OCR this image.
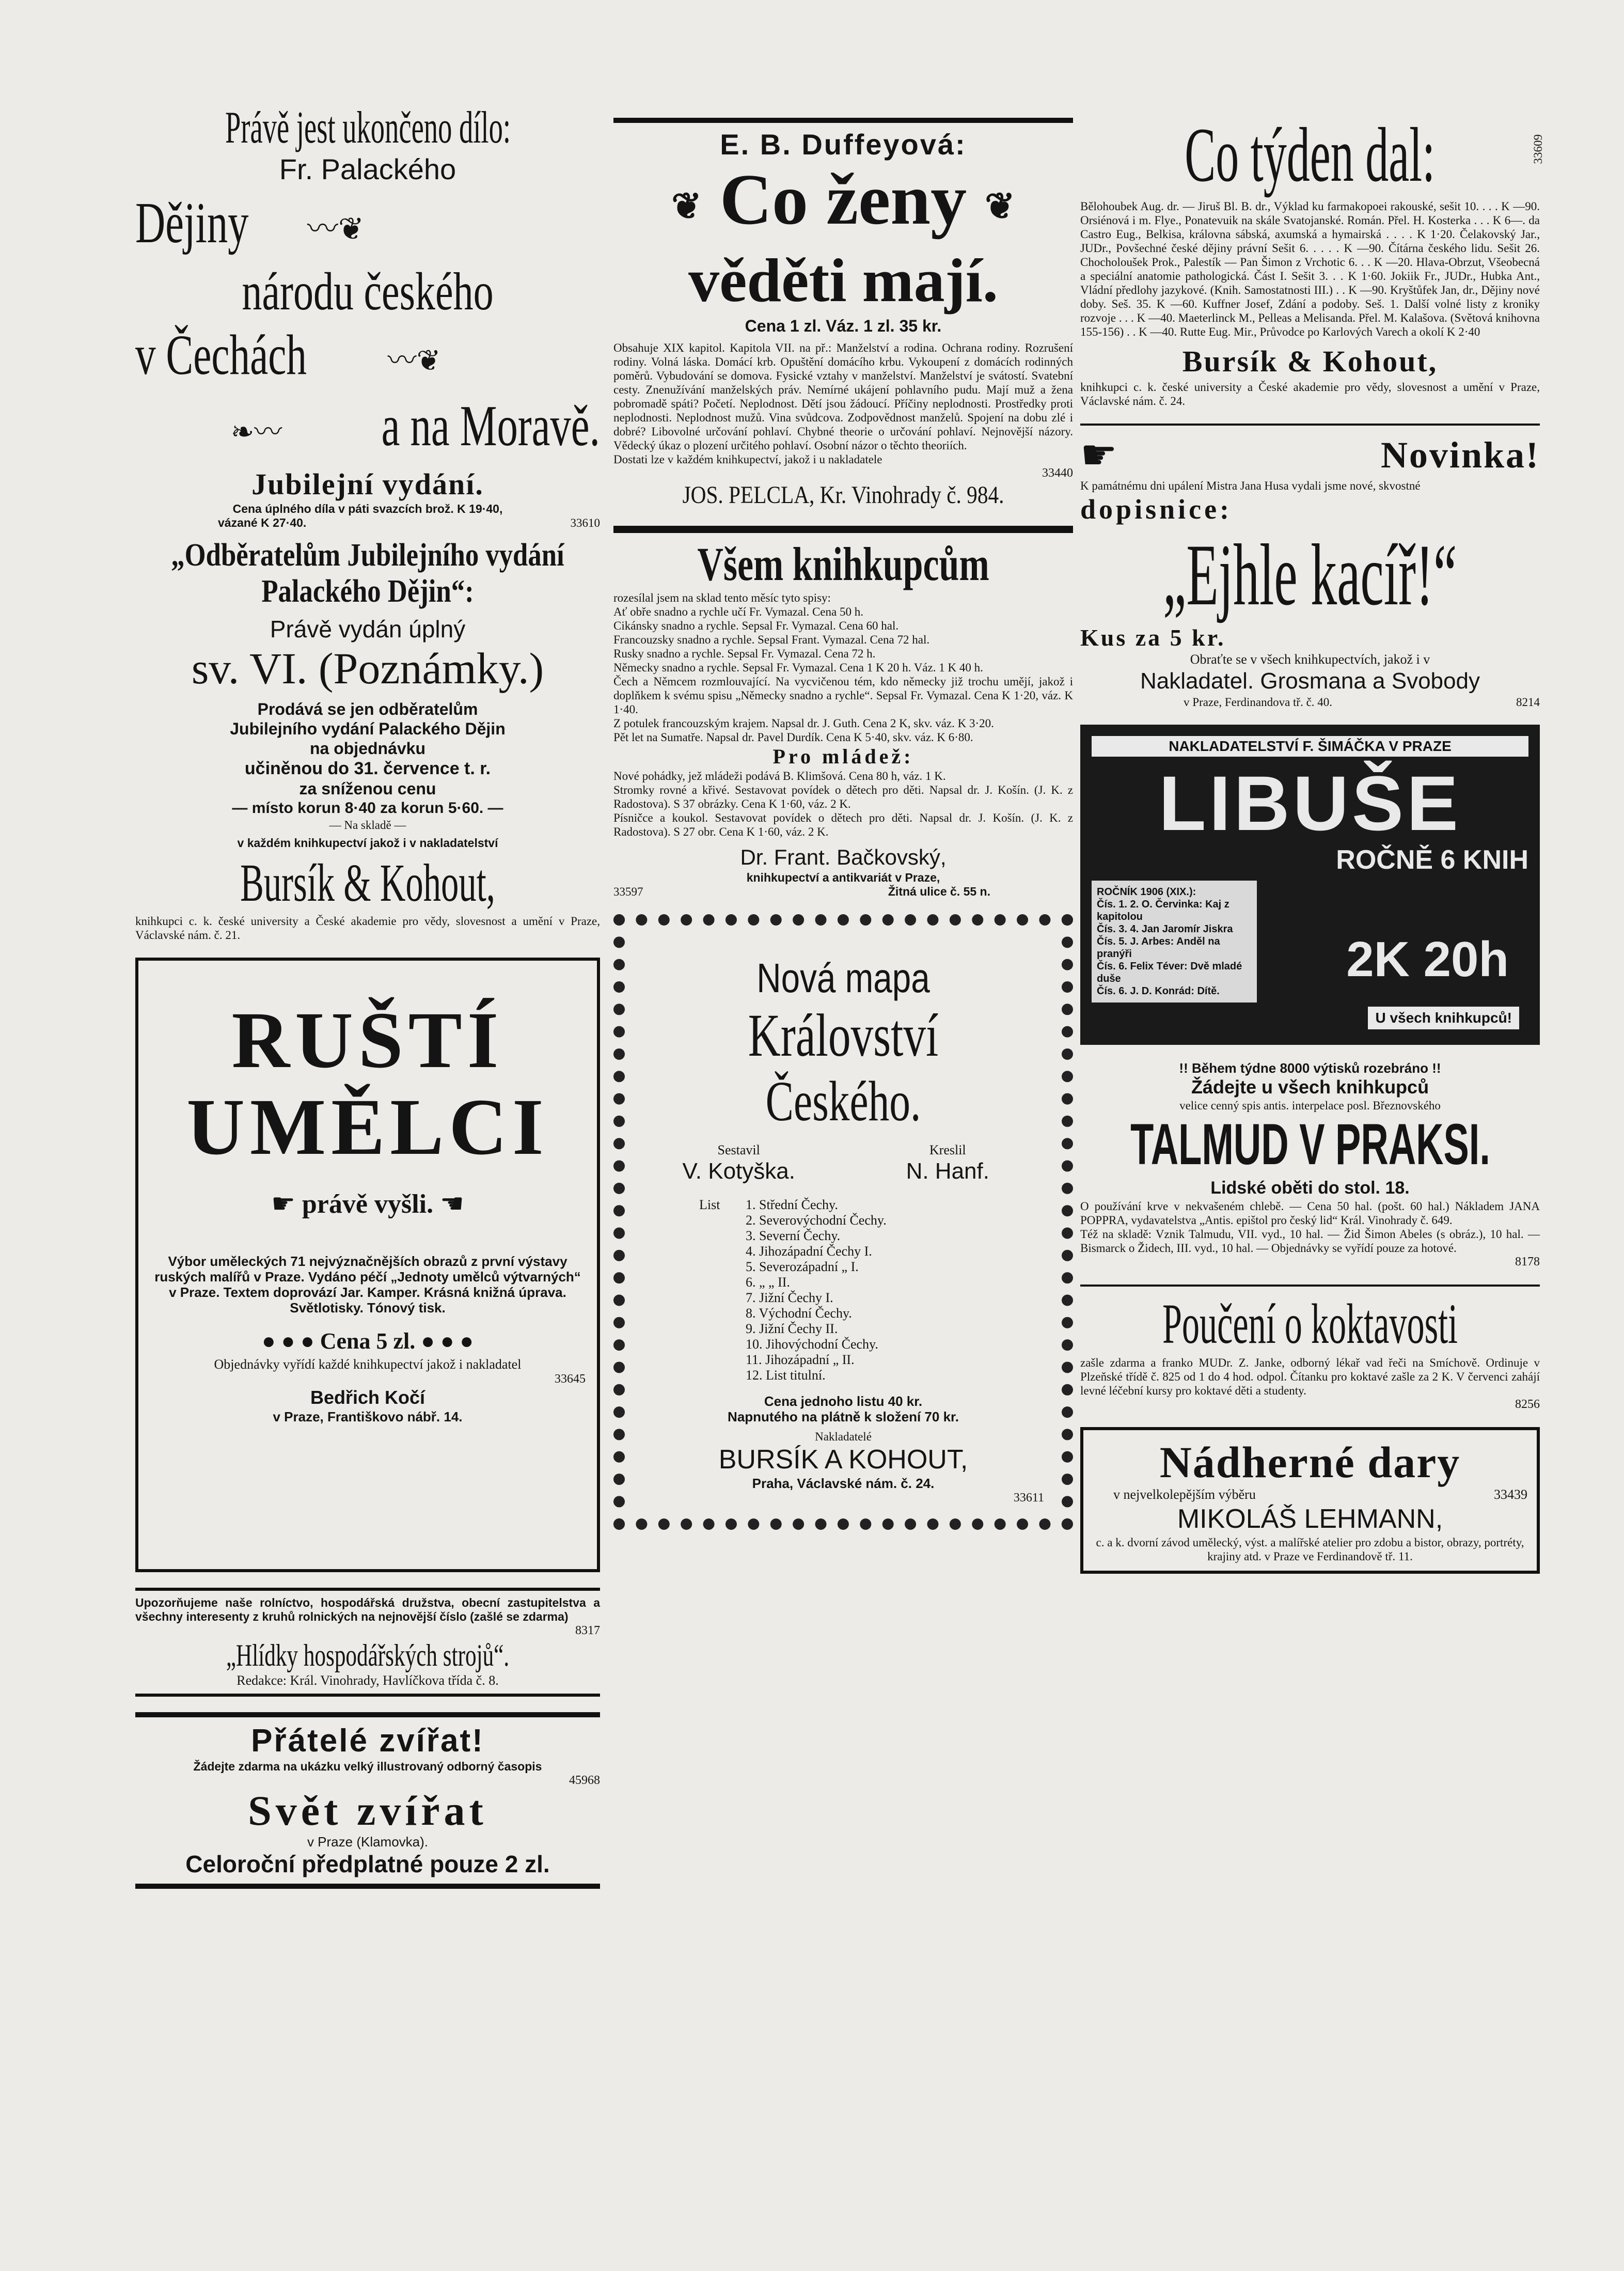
Právě jest ukončeno dílo:
Fr. Palackého
Dějiny 〰❦
národu českého
v Čechách	〰❦
❧〰 a na Moravě.
Jubilejní vydání.
Cena úplného díla v páti svazcích brož. K 19·40,
vázané K 27·40.	33610
„Odběratelům Jubilejního vydání Palackého Dějin“:
Právě vydán úplný
sv. VI. (Poznámky.)
Prodává se jen odběratelům
Jubilejního vydání Palackého Dějin
na objednávku
učiněnou do 31. července t. r.
za sníženou cenu
— místo korun 8·40 za korun 5·60. —
— Na skladě —
v každém knihkupectví jakož i v nakladatelství
Bursík & Kohout,
knihkupci c. k. české university a České akademie pro vědy, slovesnost a umění v Praze, Václavské nám. č. 21.
RUŠTÍ
UMĚLCI
☛ právě vyšli. ☚
Výbor uměleckých 71 nejvýznačnějších obrazů z první výstavy ruských malířů v Praze. Vydáno péčí „Jednoty umělců výtvarných“ v Praze. Textem doprovází Jar. Kamper. Krásná knižná úprava. Světlotisky. Tónový tisk.
● ● ● Cena 5 zl. ● ● ●
Objednávky vyřídí každé knihkupectví jakož i nakladatel
33645
Bedřich Kočí
v Praze, Františkovo nábř. 14.
Upozorňujeme naše rolníctvo, hospodářská družstva, obecní zastupitelstva a všechny interesenty z kruhů rolnických na nejnovější číslo (zašlé se zdarma)
8317
„Hlídky hospodářských strojů“.
Redakce: Král. Vinohrady, Havlíčkova třída č. 8.
Přátelé zvířat!
Žádejte zdarma na ukázku velký illustrovaný odborný časopis
45968
Svět zvířat
v Praze (Klamovka).
Celoroční předplatné pouze 2 zl.
E. B. Duffeyová:
❦ Co ženy ❦
věděti mají.
Cena 1 zl. Váz. 1 zl. 35 kr.
Obsahuje XIX kapitol. Kapitola VII. na př.: Manželství a rodina. Ochrana rodiny. Rozrušení rodiny. Volná láska. Domácí krb. Opuštění domácího krbu. Vykoupení z domácích rodinných poměrů. Vybudování se domova. Fysické vztahy v manželství. Manželství je svátostí. Svatební cesty. Znenužívání manželských práv. Nemírné ukájení pohlavního pudu. Mají muž a žena pobromadě spáti? Početí. Neplodnost. Dětí jsou žádoucí. Příčiny neplodnosti. Prostředky proti neplodnosti. Neplodnost mužů. Vina svůdcova. Zodpovědnost manželů. Spojení na dobu zlé i dobré? Libovolné určování pohlaví. Chybné theorie o určování pohlaví. Nejnovější názory. Vědecký úkaz o plození určitého pohlaví. Osobní názor o těchto theoriích.
Dostati lze v každém knihkupectví, jakož i u nakladatele
33440
JOS. PELCLA, Kr. Vinohrady č. 984.
Všem knihkupcům
rozesílal jsem na sklad tento měsíc tyto spisy:
Ať obře snadno a rychle učí Fr. Vymazal. Cena 50 h.
Cikánsky snadno a rychle. Sepsal Fr. Vymazal. Cena 60 hal.
Francouzsky snadno a rychle. Sepsal Frant. Vymazal. Cena 72 hal.
Rusky snadno a rychle. Sepsal Fr. Vymazal. Cena 72 h.
Německy snadno a rychle. Sepsal Fr. Vymazal. Cena 1 K 20 h. Váz. 1 K 40 h.
Čech a Němcem rozmlouvající. Na vycvičenou tém, kdo německy již trochu umějí, jakož i doplňkem k svému spisu „Německy snadno a rychle“. Sepsal Fr. Vymazal. Cena K 1·20, váz. K 1·40.
Z potulek francouzským krajem. Napsal dr. J. Guth. Cena 2 K, skv. váz. K 3·20.
Pět let na Sumatře. Napsal dr. Pavel Durdík. Cena K 5·40, skv. váz. K 6·80.
Pro mládež:
Nové pohádky, jež mládeži podává B. Klimšová. Cena 80 h, váz. 1 K.
Stromky rovné a křivé. Sestavovat povídek o dětech pro děti. Napsal dr. J. Košín. (J. K. z Radostova). S 37 obrázky. Cena K 1·60, váz. 2 K.
Písničce a koukol. Sestavovat povídek o dětech pro děti. Napsal dr. J. Košín. (J. K. z Radostova). S 27 obr. Cena K 1·60, váz. 2 K.
Dr. Frant. Bačkovský,
knihkupectví a antikvariát v Praze,
33597	Žitná ulice č. 55 n.
Nová mapa
Království
Českého.
Sestavil
V. Kotyška.
Kreslil
N. Hanf.
List	1. Střední Čechy.
2. Severovýchodní Čechy.
3. Severní Čechy.
4. Jihozápadní Čechy I.
5. Severozápadní „ I.
6. „ „ II.
7. Jižní Čechy I.
8. Východní Čechy.
9. Jižní Čechy II.
10. Jihovýchodní Čechy.
11. Jihozápadní „ II.
12. List titulní.
Cena jednoho listu 40 kr.
Napnutého na plátně k složení 70 kr.
Nakladatelé
BURSÍK A KOHOUT,
Praha, Václavské nám. č. 24.
33611
Co týden dal:	33609
Bělohoubek Aug. dr. — Jiruš Bl. B. dr., Výklad ku farmakopoei rakouské, sešit 10. . . . K —90. Orsiénová i m. Flye., Ponatevuik na skále Svatojanské. Román. Přel. H. Kosterka . . . K 6—. da Castro Eug., Belkisa, královna sábská, axumská a hymairská . . . . K 1·20. Čelakovský Jar., JUDr., Povšechné české dějiny právní Sešit 6. . . . . K —90. Čítárna českého lidu. Sešit 26. Chocholoušek Prok., Palestík — Pan Šimon z Vrchotic 6. . . K —20. Hlava-Obrzut, Všeobecná a speciální anatomie pathologická. Část I. Sešit 3. . . K 1·60. Jokiik Fr., JUDr., Hubka Ant., Vládní předlohy jazykové. (Knih. Samostatnosti III.) . . K —90. Kryštůfek Jan, dr., Dějiny nové doby. Seš. 35. K —60. Kuffner Josef, Zdání a podoby. Seš. 1. Další volné listy z kroniky rozvoje . . . K —40. Maeterlinck M., Pelleas a Melisanda. Přel. M. Kalašova. (Světová knihovna 155-156) . . K —40. Rutte Eug. Mir., Průvodce po Karlových Varech a okolí K 2·40
Bursík & Kohout,
knihkupci c. k. české university a České akademie pro vědy, slovesnost a umění v Praze, Václavské nám. č. 24.
☛	Novinka!
K památnému dni upálení Mistra Jana Husa vydali jsme nové, skvostné
dopisnice:
„Ejhle kacíř!“
Kus za 5 kr.
Obraťte se v všech knihkupectvích, jakož i v
Nakladatel. Grosmana a Svobody
v Praze, Ferdinandova tř. č. 40.	8214
NAKLADATELSTVÍ F. ŠIMÁČKA V PRAZE
LIBUŠE
ROČNĚ 6 KNIH
ROČNÍK 1906 (XIX.):
Čís. 1. 2. O. Červinka: Kaj z kapitolou
Čís. 3. 4. Jan Jaromír Jiskra
Čís. 5. J. Arbes: Anděl na pranýři
Čís. 6. Felix Téver: Dvě mladé duše
Čís. 6. J. D. Konrád: Dítě.
2K 20h
U všech knihkupců!
!! Během týdne 8000 výtisků rozebráno !!
Žádejte u všech knihkupců
velice cenný spis antis. interpelace posl. Březnovského
TALMUD V PRAKSI.
Lidské oběti do stol. 18.
O používání krve v nekvašeném chlebě. — Cena 50 hal. (pošt. 60 hal.) Nákladem JANA POPPRA, vydavatelstva „Antis. epištol pro český lid“ Král. Vinohrady č. 649.
Též na skladě: Vznik Talmudu, VII. vyd., 10 hal. — Žid Šimon Abeles (s obráz.), 10 hal. — Bismarck o Židech, III. vyd., 10 hal. — Objednávky se vyřídí pouze za hotové.
8178
Poučení o koktavosti
zašle zdarma a franko MUDr. Z. Janke, odborný lékař vad řeči na Smíchově. Ordinuje v Plzeňské třídě č. 825 od 1 do 4 hod. odpol. Čítanku pro koktavé zašle za 2 K. V červenci zahájí levné léčební kursy pro koktavé děti a studenty.
8256
Nádherné dary
v nejvelkolepějším výběru	33439
MIKOLÁŠ LEHMANN,
c. a k. dvorní závod umělecký, výst. a malířské atelier pro zdobu a bistor, obrazy, portréty, krajiny atd. v Praze ve Ferdinandově tř. 11.
